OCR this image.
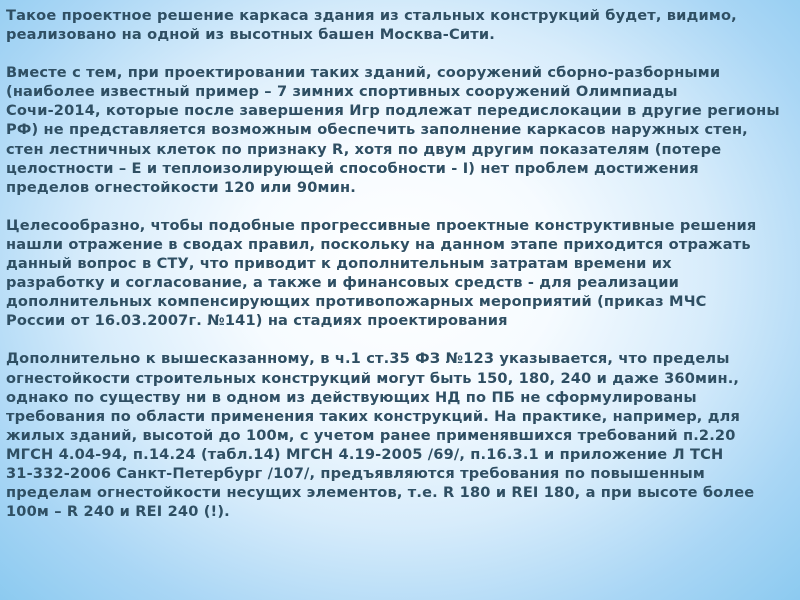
Такое проектное решение каркаса здания из стальных конструкций будет, видимо,
реализовано на одной из высотных башен Москва-Сити.

Вместе с тем, при проектировании таких зданий, сооружений сборно-разборными
(наиболее известный пример – 7 зимних спортивных сооружений Олимпиады
Сочи-2014, которые после завершения Игр подлежат передислокации в другие регионы
РФ) не представляется возможным обеспечить заполнение каркасов наружных стен,
стен лестничных клеток по признаку R, хотя по двум другим показателям (потере
целостности – Е и теплоизолирующей способности - I) нет проблем достижения
пределов огнестойкости 120 или 90мин.

Целесообразно, чтобы подобные прогрессивные проектные конструктивные решения
нашли отражение в сводах правил, поскольку на данном этапе приходится отражать
данный вопрос в СТУ, что приводит к дополнительным затратам времени их
разработку и согласование, а также и финансовых средств - для реализации
дополнительных компенсирующих противопожарных мероприятий (приказ МЧС
России от 16.03.2007г. №141) на стадиях проектирования

Дополнительно к вышесказанному, в ч.1 ст.35 ФЗ №123 указывается, что пределы
огнестойкости строительных конструкций могут быть 150, 180, 240 и даже 360мин.,
однако по существу ни в одном из действующих НД по ПБ не сформулированы
требования по области применения таких конструкций. На практике, например, для
жилых зданий, высотой до 100м, с учетом ранее применявшихся требований п.2.20
МГСН 4.04-94, п.14.24 (табл.14) МГСН 4.19-2005 /69/, п.16.3.1 и приложение Л ТСН
31-332-2006 Санкт-Петербург /107/, предъявляются требования по повышенным
пределам огнестойкости несущих элементов, т.е. R 180 и REI 180, а при высоте более
100м – R 240 и REI 240 (!).
